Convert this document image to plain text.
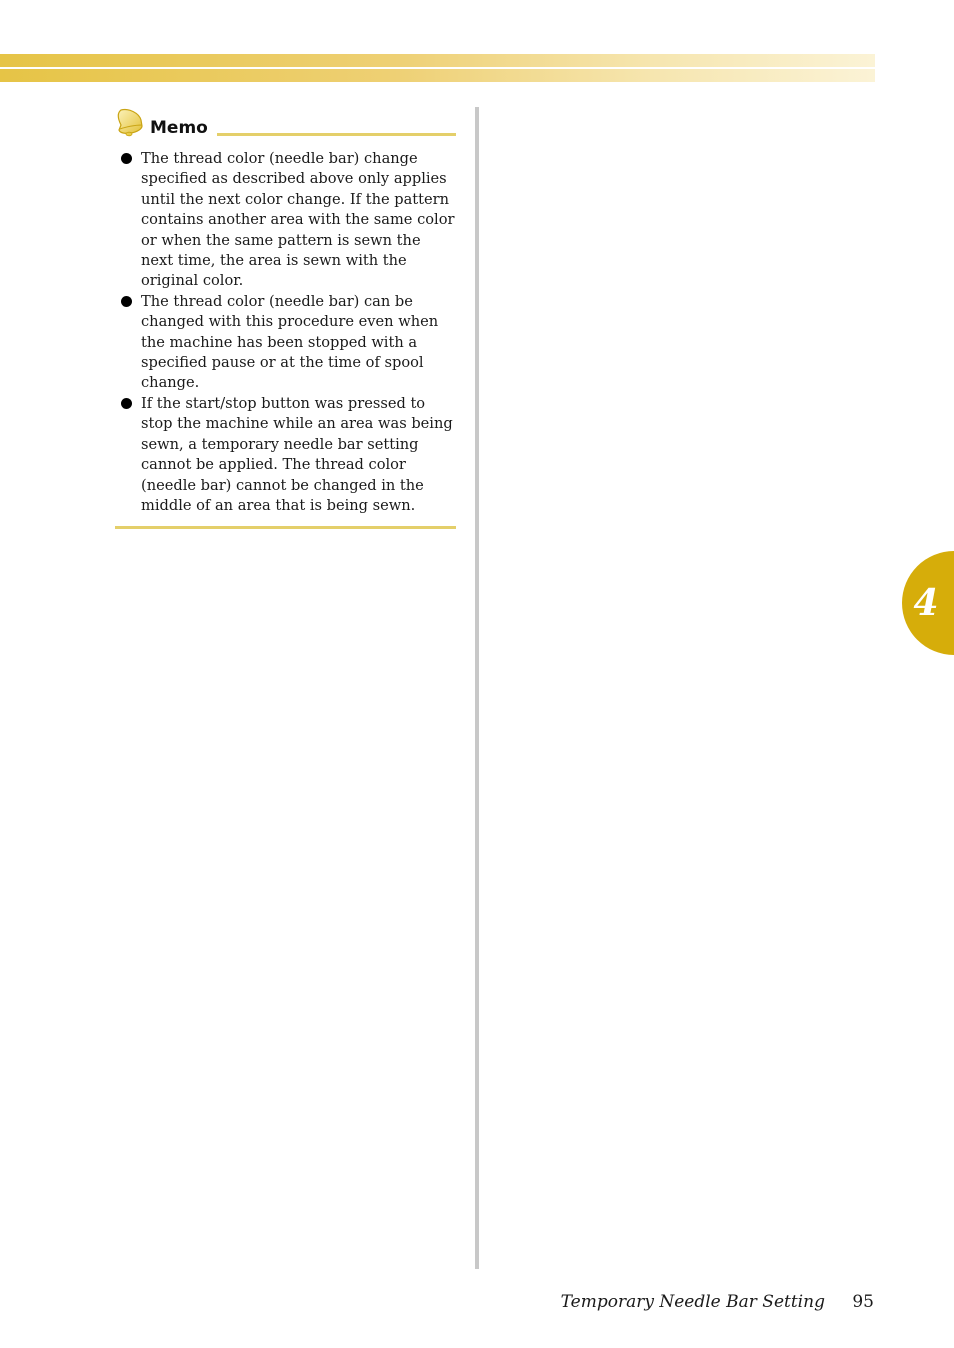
Memo
The thread color (needle bar) change specified as described above only applies until the next color change. If the pattern contains another area with the same color or when the same pattern is sewn the next time, the area is sewn with the original color.
The thread color (needle bar) can be changed with this procedure even when the machine has been stopped with a specified pause or at the time of spool change.
If the start/stop button was pressed to stop the machine while an area was being sewn, a temporary needle bar setting cannot be applied. The thread color (needle bar) cannot be changed in the middle of an area that is being sewn.
4
Temporary Needle Bar Setting 95
